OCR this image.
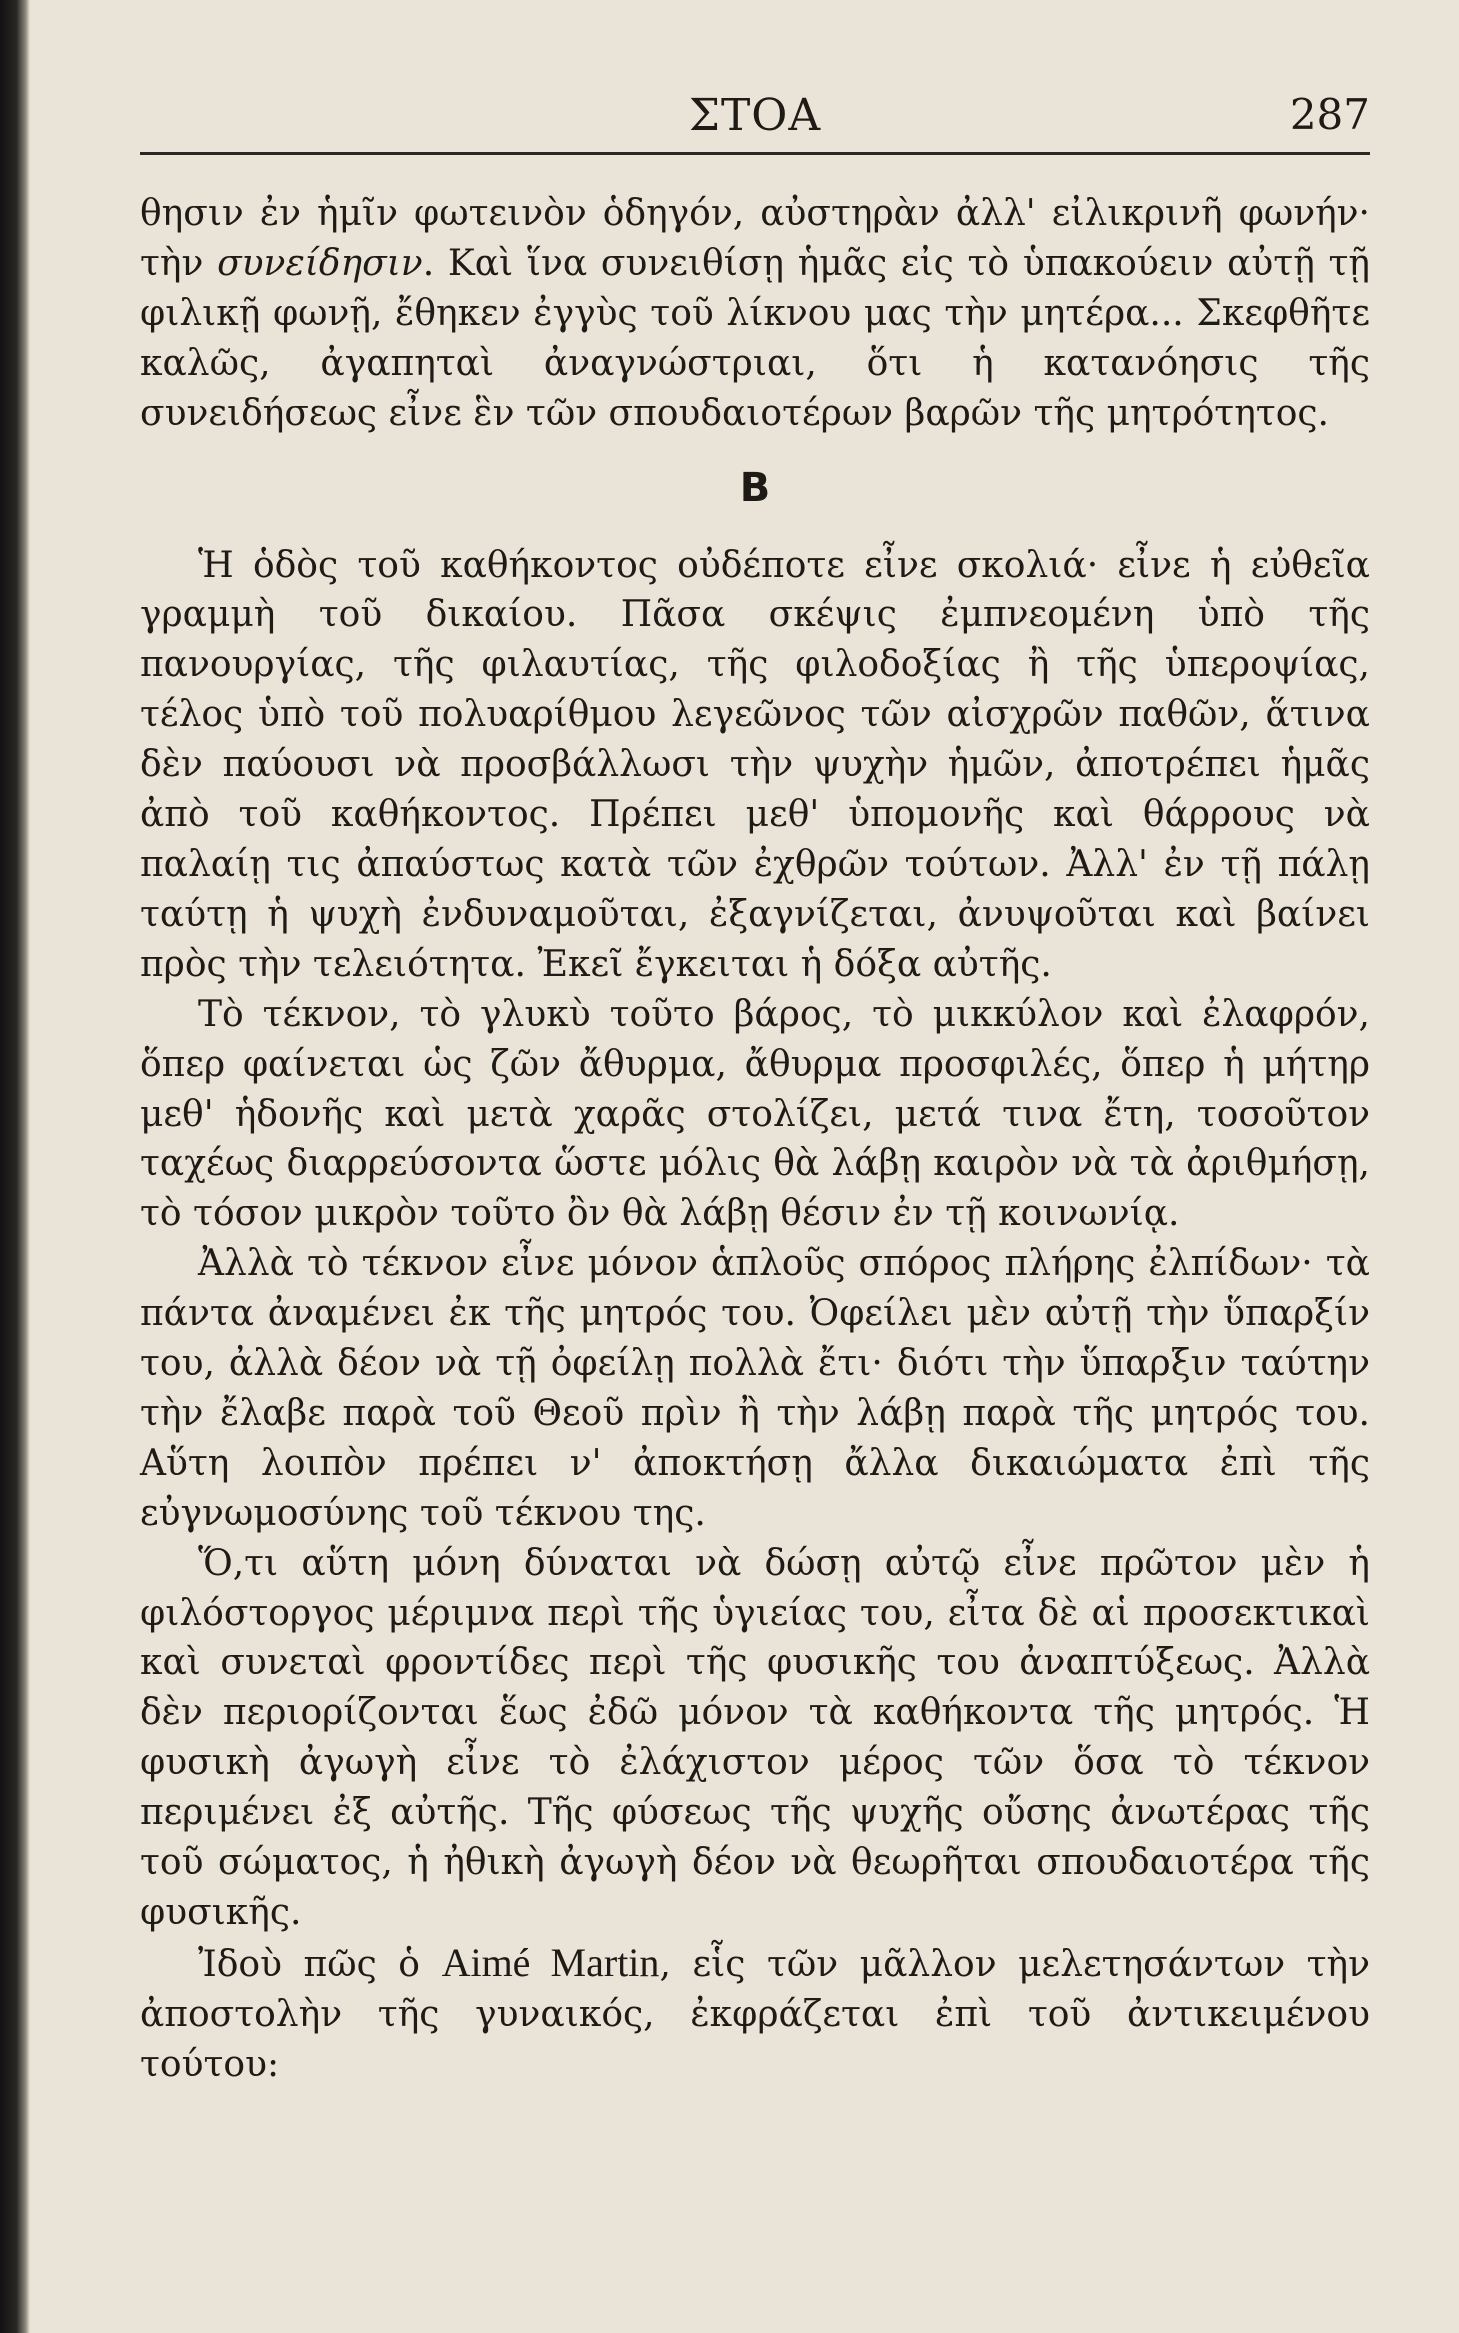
ΣΤΟΑ	287

θησιν ἐν ἡμῖν φωτεινὸν ὁδηγόν, αὐστηρὰν ἀλλ' εἰλικρινῆ φωνήν· τὴν συνείδησιν. Καὶ ἵνα συνειθίσῃ ἡμᾶς εἰς τὸ ὑπακούειν αὐτῇ τῇ φιλικῇ φωνῇ, ἔθηκεν ἐγγὺς τοῦ λίκνου μας τὴν μητέρα... Σκεφθῆτε καλῶς, ἀγαπηταὶ ἀναγνώστριαι, ὅτι ἡ κατανόησις τῆς συνειδήσεως εἶνε ἓν τῶν σπουδαιοτέρων βαρῶν τῆς μητρότητος.

B

Ἡ ὁδὸς τοῦ καθήκοντος οὐδέποτε εἶνε σκολιά· εἶνε ἡ εὐθεῖα γραμμὴ τοῦ δικαίου. Πᾶσα σκέψις ἐμπνεομένη ὑπὸ τῆς πανουργίας, τῆς φιλαυτίας, τῆς φιλοδοξίας ἢ τῆς ὑπεροψίας, τέλος ὑπὸ τοῦ πολυαρίθμου λεγεῶνος τῶν αἰσχρῶν παθῶν, ἅτινα δὲν παύουσι νὰ προσβάλλωσι τὴν ψυχὴν ἡμῶν, ἀποτρέπει ἡμᾶς ἀπὸ τοῦ καθήκοντος. Πρέπει μεθ' ὑπομονῆς καὶ θάρρους νὰ παλαίῃ τις ἀπαύστως κατὰ τῶν ἐχθρῶν τούτων. Ἀλλ' ἐν τῇ πάλῃ ταύτῃ ἡ ψυχὴ ἐνδυναμοῦται, ἐξαγνίζεται, ἀνυψοῦται καὶ βαίνει πρὸς τὴν τελειότητα. Ἐκεῖ ἔγκειται ἡ δόξα αὐτῆς.

Τὸ τέκνον, τὸ γλυκὺ τοῦτο βάρος, τὸ μικκύλον καὶ ἐλαφρόν, ὅπερ φαίνεται ὡς ζῶν ἄθυρμα, ἄθυρμα προσφιλές, ὅπερ ἡ μήτηρ μεθ' ἡδονῆς καὶ μετὰ χαρᾶς στολίζει, μετά τινα ἔτη, τοσοῦτον ταχέως διαρρεύσοντα ὥστε μόλις θὰ λάβῃ καιρὸν νὰ τὰ ἀριθμήσῃ, τὸ τόσον μικρὸν τοῦτο ὂν θὰ λάβῃ θέσιν ἐν τῇ κοινωνίᾳ.

Ἀλλὰ τὸ τέκνον εἶνε μόνον ἁπλοῦς σπόρος πλήρης ἐλπίδων· τὰ πάντα ἀναμένει ἐκ τῆς μητρός του. Ὀφείλει μὲν αὐτῇ τὴν ὕπαρξίν του, ἀλλὰ δέον νὰ τῇ ὀφείλῃ πολλὰ ἔτι· διότι τὴν ὕπαρξιν ταύτην τὴν ἔλαβε παρὰ τοῦ Θεοῦ πρὶν ἢ τὴν λάβῃ παρὰ τῆς μητρός του. Αὕτη λοιπὸν πρέπει ν' ἀποκτήσῃ ἄλλα δικαιώματα ἐπὶ τῆς εὐγνωμοσύνης τοῦ τέκνου της.

Ὅ,τι αὕτη μόνη δύναται νὰ δώσῃ αὐτῷ εἶνε πρῶτον μὲν ἡ φιλόστοργος μέριμνα περὶ τῆς ὑγιείας του, εἶτα δὲ αἱ προσεκτικαὶ καὶ συνεταὶ φροντίδες περὶ τῆς φυσικῆς του ἀναπτύξεως. Ἀλλὰ δὲν περιορίζονται ἕως ἐδῶ μόνον τὰ καθήκοντα τῆς μητρός. Ἡ φυσικὴ ἀγωγὴ εἶνε τὸ ἐλάχιστον μέρος τῶν ὅσα τὸ τέκνον περιμένει ἐξ αὐτῆς. Τῆς φύσεως τῆς ψυχῆς οὔσης ἀνωτέρας τῆς τοῦ σώματος, ἡ ἠθικὴ ἀγωγὴ δέον νὰ θεωρῆται σπουδαιοτέρα τῆς φυσικῆς.

Ἰδοὺ πῶς ὁ Aimé Martin, εἷς τῶν μᾶλλον μελετησάντων τὴν ἀποστολὴν τῆς γυναικός, ἐκφράζεται ἐπὶ τοῦ ἀντικειμένου τούτου:
